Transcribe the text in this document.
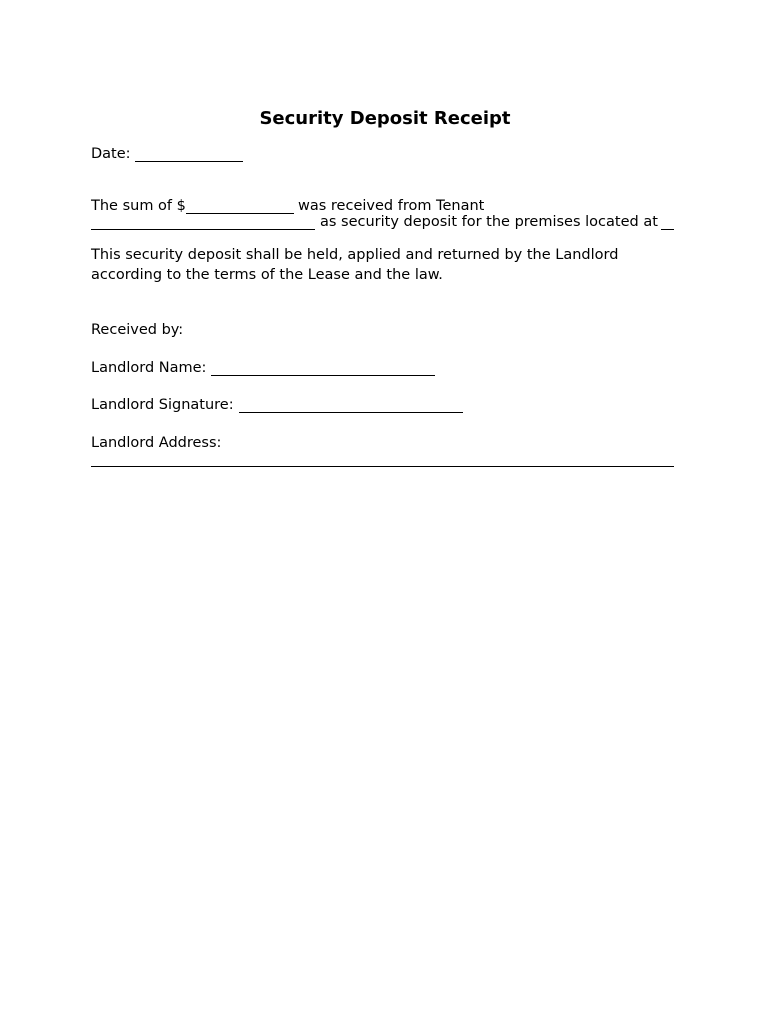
Security Deposit Receipt
Date:
The sum of $	was received from Tenant
as security deposit for the premises located at
This security deposit shall be held, applied and returned by the Landlord
according to the terms of the Lease and the law.
Received by:
Landlord Name:
Landlord Signature:
Landlord Address:
